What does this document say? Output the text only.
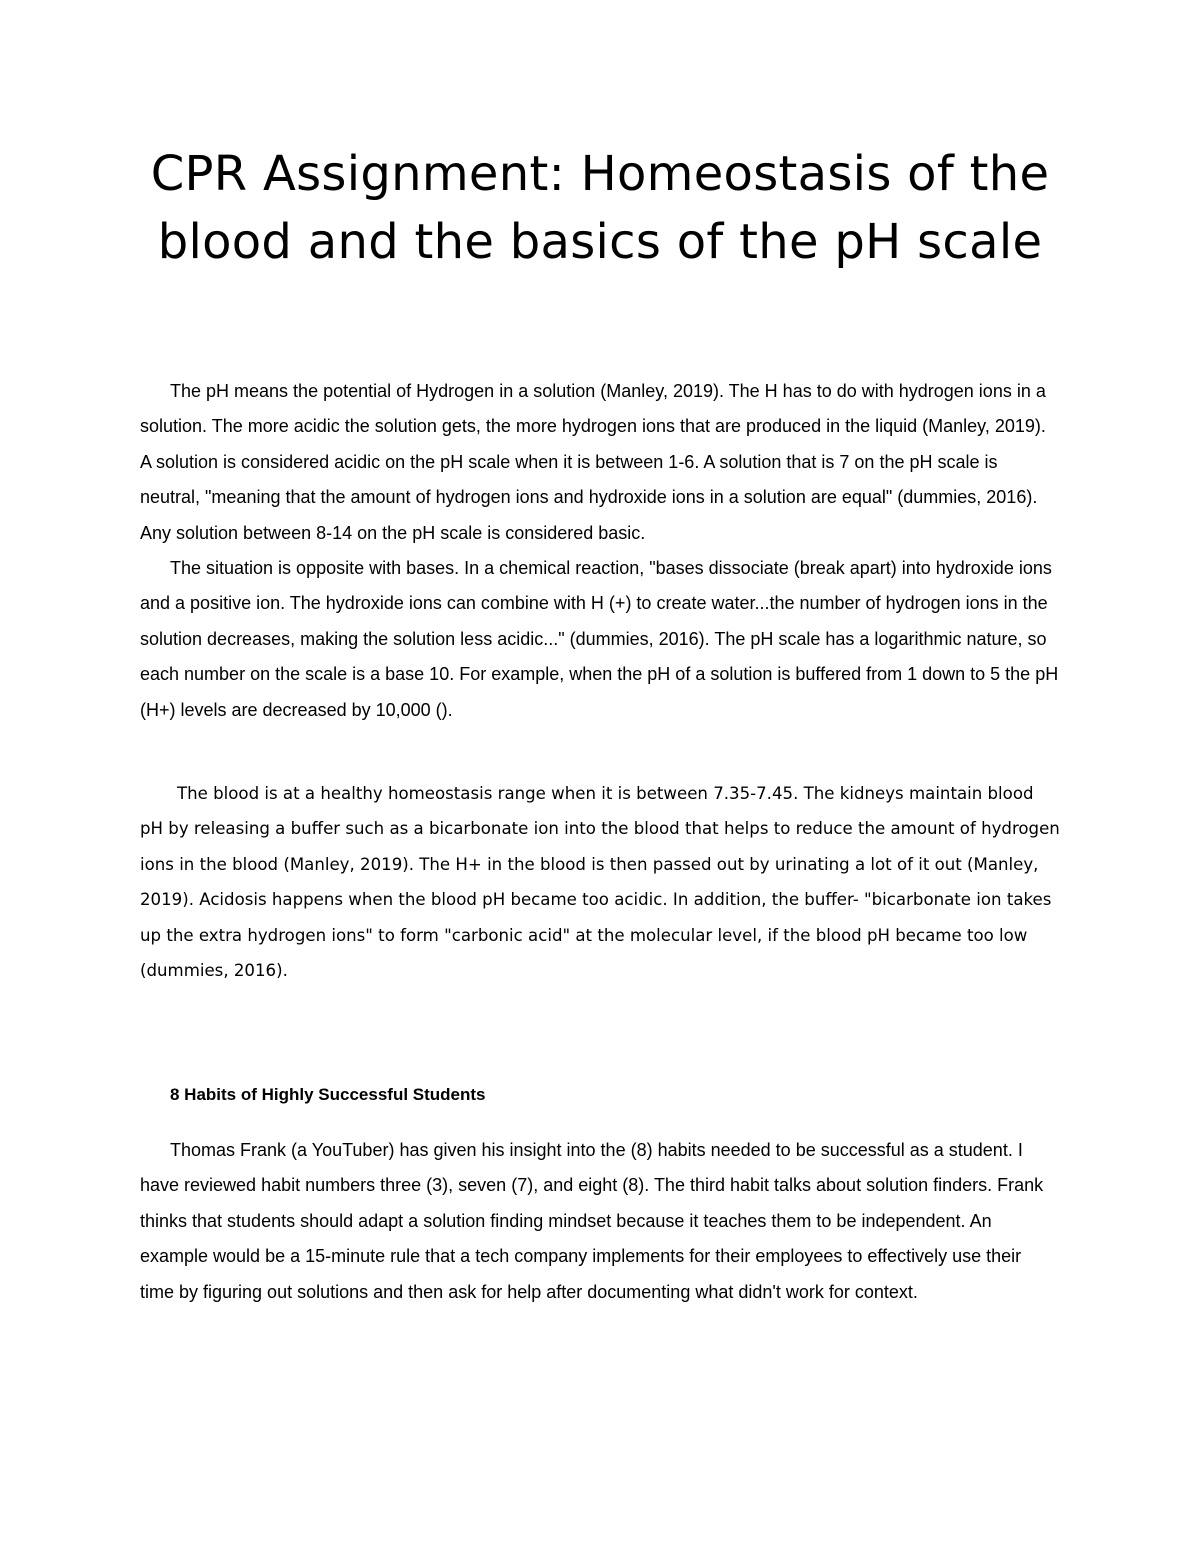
CPR Assignment: Homeostasis of the blood and the basics of the pH scale

The pH means the potential of Hydrogen in a solution (Manley, 2019). The H has to do with hydrogen ions in a solution. The more acidic the solution gets, the more hydrogen ions that are produced in the liquid (Manley, 2019). A solution is considered acidic on the pH scale when it is between 1-6. A solution that is 7 on the pH scale is neutral, "meaning that the amount of hydrogen ions and hydroxide ions in a solution are equal" (dummies, 2016). Any solution between 8-14 on the pH scale is considered basic.

The situation is opposite with bases. In a chemical reaction, "bases dissociate (break apart) into hydroxide ions and a positive ion. The hydroxide ions can combine with H (+) to create water...the number of hydrogen ions in the solution decreases, making the solution less acidic..." (dummies, 2016). The pH scale has a logarithmic nature, so each number on the scale is a base 10. For example, when the pH of a solution is buffered from 1 down to 5 the pH (H+) levels are decreased by 10,000 ().

The blood is at a healthy homeostasis range when it is between 7.35-7.45. The kidneys maintain blood pH by releasing a buffer such as a bicarbonate ion into the blood that helps to reduce the amount of hydrogen ions in the blood (Manley, 2019). The H+ in the blood is then passed out by urinating a lot of it out (Manley, 2019). Acidosis happens when the blood pH became too acidic. In addition, the buffer- "bicarbonate ion takes up the extra hydrogen ions" to form "carbonic acid" at the molecular level, if the blood pH became too low (dummies, 2016).

8 Habits of Highly Successful Students

Thomas Frank (a YouTuber) has given his insight into the (8) habits needed to be successful as a student. I have reviewed habit numbers three (3), seven (7), and eight (8). The third habit talks about solution finders. Frank thinks that students should adapt a solution finding mindset because it teaches them to be independent. An example would be a 15-minute rule that a tech company implements for their employees to effectively use their time by figuring out solutions and then ask for help after documenting what didn't work for context.
